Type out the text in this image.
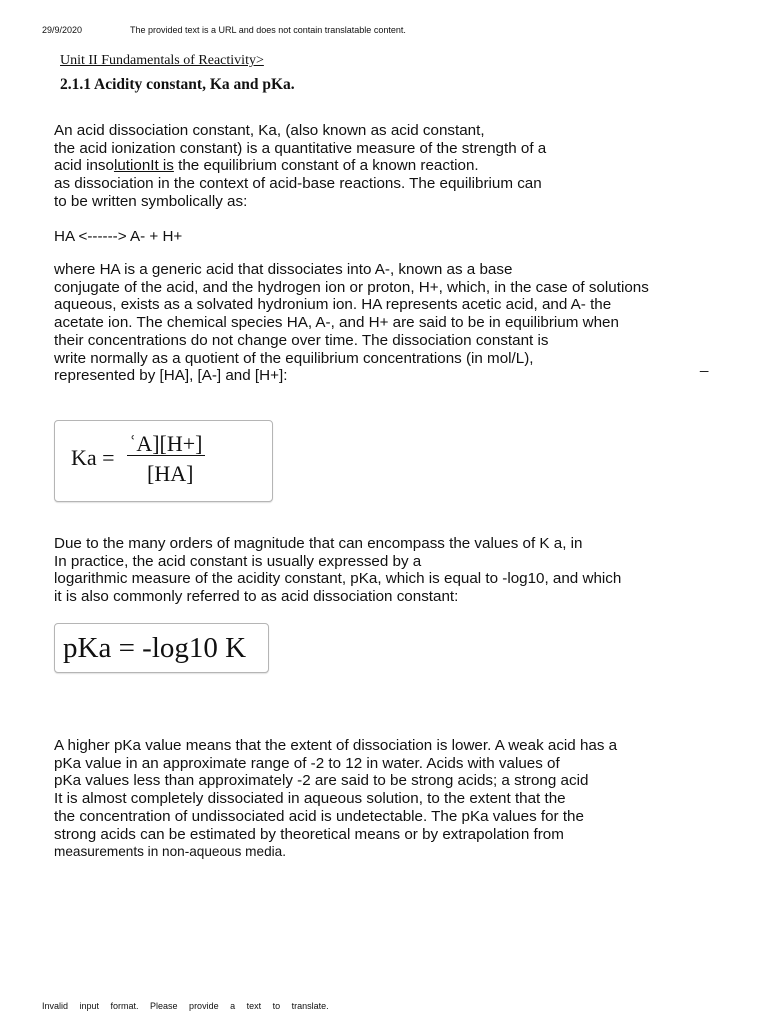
29/9/2020	The provided text is a URL and does not contain translatable content.
Unit II Fundamentals of Reactivity>
2.1.1 Acidity constant, Ka and pKa.
An acid dissociation constant, Ka, (also known as acid constant,
the acid ionization constant) is a quantitative measure of the strength of a
acid insolutionIt is the equilibrium constant of a known reaction.
as dissociation in the context of acid-base reactions. The equilibrium can
to be written symbolically as:
HA <------> A- + H+
where HA is a generic acid that dissociates into A-, known as a base
conjugate of the acid, and the hydrogen ion or proton, H+, which, in the case of solutions
aqueous, exists as a solvated hydronium ion. HA represents acetic acid, and A- the
acetate ion. The chemical species HA, A-, and H+ are said to be in equilibrium when
their concentrations do not change over time. The dissociation constant is
write normally as a quotient of the equilibrium concentrations (in mol/L),
represented by [HA], [A-] and [H+]:
_
Ka =
ʿA][H+]
[HA]
Due to the many orders of magnitude that can encompass the values of K a, in
In practice, the acid constant is usually expressed by a
logarithmic measure of the acidity constant, pKa, which is equal to -log10, and which
it is also commonly referred to as acid dissociation constant:
pKa = -log10 K
A higher pKa value means that the extent of dissociation is lower. A weak acid has a
pKa value in an approximate range of -2 to 12 in water. Acids with values of
pKa values less than approximately -2 are said to be strong acids; a strong acid
It is almost completely dissociated in aqueous solution, to the extent that the
the concentration of undissociated acid is undetectable. The pKa values for the
strong acids can be estimated by theoretical means or by extrapolation from
measurements in non-aqueous media.
Invalid input format. Please provide a text to translate.
